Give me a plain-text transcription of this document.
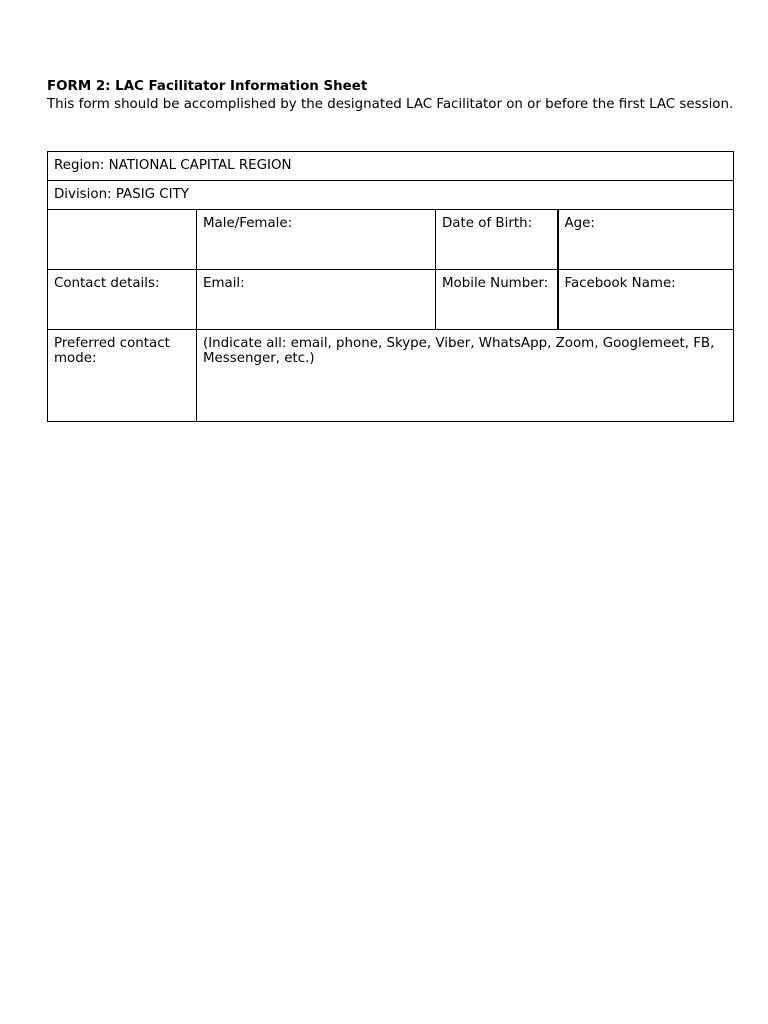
FORM 2: LAC Facilitator Information Sheet
This form should be accomplished by the designated LAC Facilitator on or before the first LAC session.
Region: NATIONAL CAPITAL REGION			
Division: PASIG CITY			
	Male/Female:	Date of Birth:	Age:
Contact details:	Email:	Mobile Number:	Facebook Name:
Preferred contact mode:	(Indicate all: email, phone, Skype, Viber, WhatsApp, Zoom, Googlemeet, FB, Messenger, etc.)		
